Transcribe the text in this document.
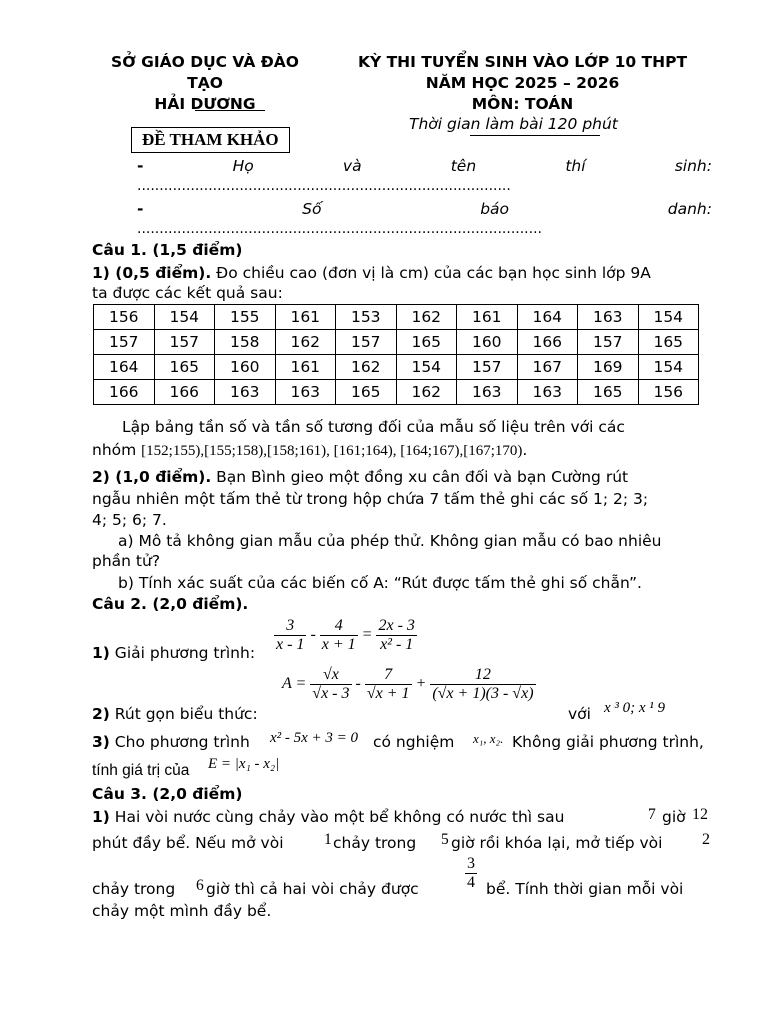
SỞ GIÁO DỤC VÀ ĐÀO
TẠO
HẢI DƯƠNG
KỲ THI TUYỂN SINH VÀO LỚP 10 THPT
NĂM HỌC 2025 – 2026
MÔN: TOÁN
Thời gian làm bài 120 phút
ĐỀ THAM KHẢO
-	Họ	và	tên	thí	sinh:
....................................................................................
-	Số	báo	danh:
...........................................................................................
Câu 1. (1,5 điểm)
1) (0,5 điểm). Đo chiều cao (đơn vị là cm) của các bạn học sinh lớp 9A
ta được các kết quả sau:
156	154	155	161	153	162	161	164	163	154
157	157	158	162	157	165	160	166	157	165
164	165	160	161	162	154	157	167	169	154
166	166	163	163	165	162	163	163	165	156
Lập bảng tần số và tần số tương đối của mẫu số liệu trên với các
nhóm [152;155),[155;158),[158;161), [161;164), [164;167),[167;170).
2) (1,0 điểm). Bạn Bình gieo một đồng xu cân đối và bạn Cường rút
ngẫu nhiên một tấm thẻ từ trong hộp chứa 7 tấm thẻ ghi các số 1; 2; 3;
4; 5; 6; 7.
a) Mô tả không gian mẫu của phép thử. Không gian mẫu có bao nhiêu
phần tử?
b) Tính xác suất của các biến cố A: “Rút được tấm thẻ ghi số chẵn”.
Câu 2. (2,0 điểm).
1) Giải phương trình: $\frac{3}{x - 1} - \frac{4}{x + 1} = \frac{2x - 3}{\text{x² - 1}}$
$A = \frac{√x}{√x - 3} - \frac{7}{√x + 1} + \frac{12}{(√x + 1)(3 - √x)}$
2) Rút gọn biểu thức:	với x ³ 0; x ¹ 9
3) Cho phương trình x² - 5x + 3 = 0 có nghiệm x₁, x₂. Không giải phương trình,
tính giá trị của E = |x₁ - x₂|
Câu 3. (2,0 điểm)
1) Hai vòi nước cùng chảy vào một bể không có nước thì sau	7 giờ 12
phút đầy bể. Nếu mở vòi	1 chảy trong 5 giờ rồi khóa lại, mở tiếp vòi 2
chảy trong 6 giờ thì cả hai vòi chảy được	$\frac{3}{4}$ bể. Tính thời gian mỗi vòi
chảy một mình đầy bể.
